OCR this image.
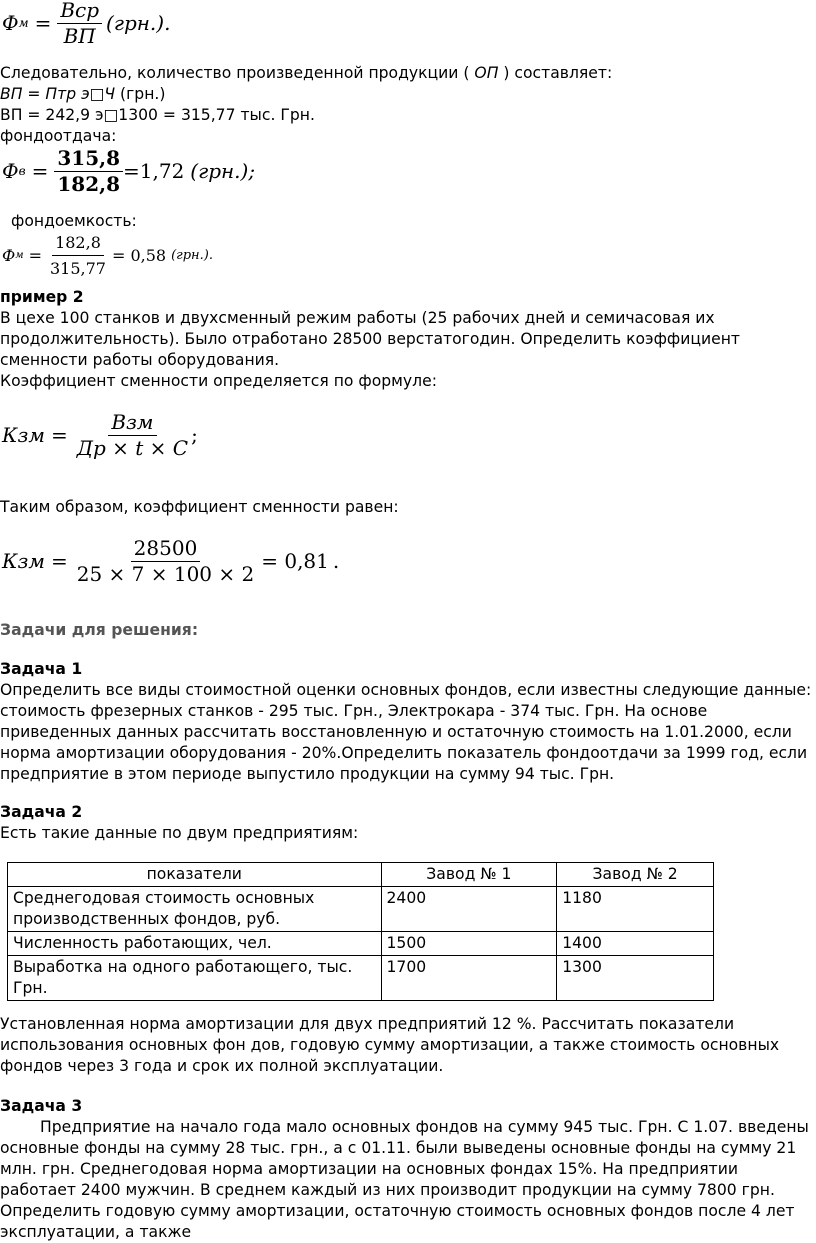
Ф $м = \frac{\text{Вср}}{ВП} (грн.)$.

Следовательно, количество произведенной продукции ( ОП ) составляет:

ВП = Птр э□Ч (грн.)

ВП = 242,9 э□1300 = 315,77 тыс. Грн.

фондоотдача:

Ф $в = \frac{315,8}{182,8} =1,72$ (грн.);

фондоемкость:

Ф $м = \frac{182,8}{315,77} = 0,58$ (грн.).

пример 2

В цехе 100 станков и двухсменный режим работы (25 рабочих дней и семичасовая их продолжительность). Было отработано 28500 верстатогодин. Определить коэффициент сменности работы оборудования.

Коэффициент сменности определяется по формуле:

Кзм = $\frac{\text{Взм}}{Др \times t \times C}$ ;

Таким образом, коэффициент сменности равен:

Кзм = $\frac{28500}{25 \times 7 \times 100 \times 2} = 0,81$ .

Задачи для решения:

Задача 1

Определить все виды стоимостной оценки основных фондов, если известны следующие данные: стоимость фрезерных станков - 295 тыс. Грн., Электрокара - 374 тыс. Грн. На основе приведенных данных рассчитать восстановленную и остаточную стоимость на 1.01.2000, если норма амортизации оборудования - 20%.Определить показатель фондоотдачи за 1999 год, если предприятие в этом периоде выпустило продукции на сумму 94 тыс. Грн.

Задача 2

Есть такие данные по двум предприятиям:

показатели	Завод № 1	Завод № 2
Среднегодовая стоимость основных производственных фондов, руб.	2400	1180
Численность работающих, чел.	1500	1400
Выработка на одного работающего, тыс. Грн.	1700	1300

Установленная норма амортизации для двух предприятий 12 %. Рассчитать показатели использования основных фон дов, годовую сумму амортизации, а также стоимость основных фондов через 3 года и срок их полной эксплуатации.

Задача 3

Предприятие на начало года мало основных фондов на сумму 945 тыс. Грн. С 1.07. введены основные фонды на сумму 28 тыс. грн., а с 01.11. были выведены основные фонды на сумму 21 млн. грн. Среднегодовая норма амортизации на основных фондах 15%. На предприятии работает 2400 мужчин. В среднем каждый из них производит продукции на сумму 7800 грн. Определить годовую сумму амортизации, остаточную стоимость основных фондов после 4 лет эксплуатации, а также
